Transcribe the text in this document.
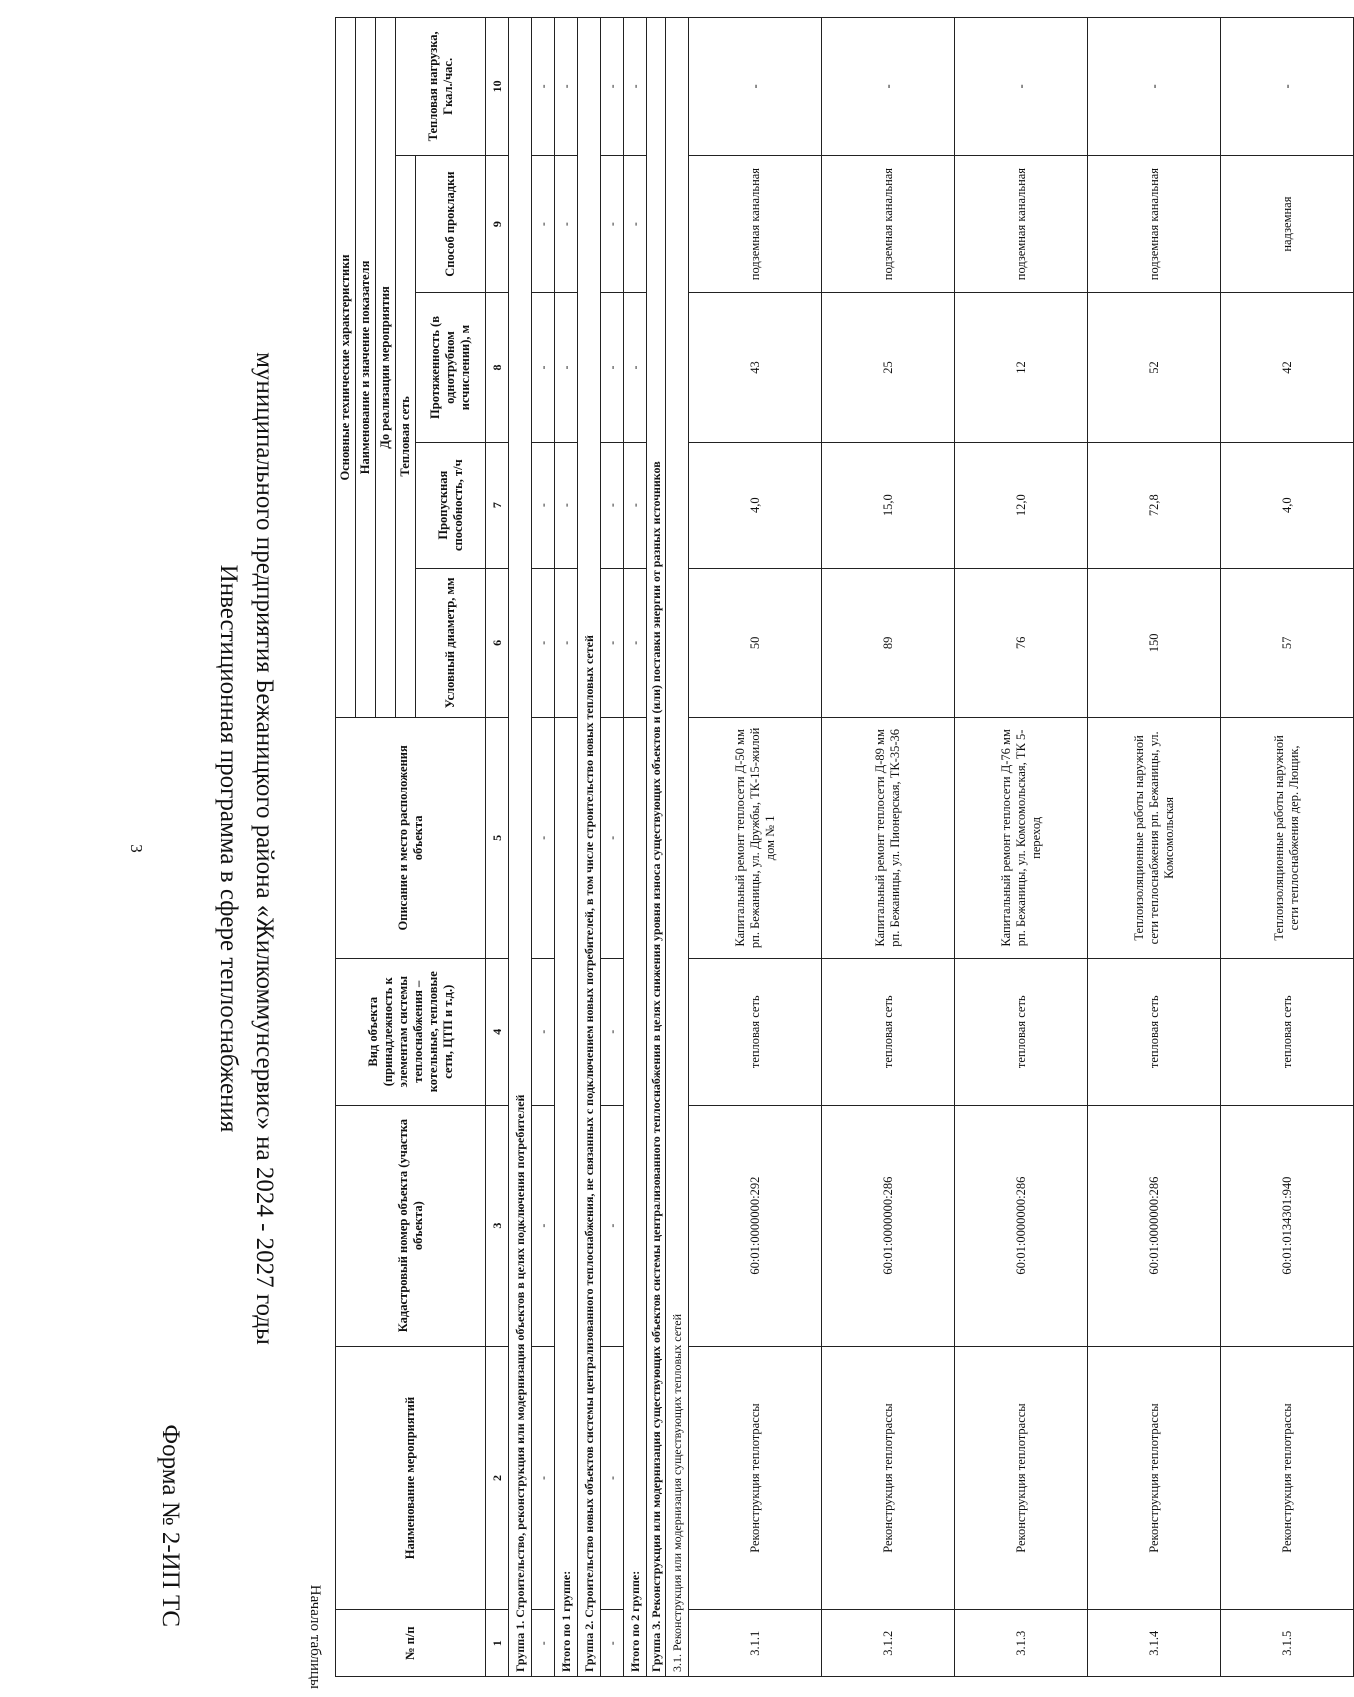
3
Форма № 2-ИП ТС
Инвестиционная программа в сфере теплоснабжения муниципального предприятия Бежаницкого района «Жилкоммунсервис» на 2024 - 2027 годы
Начало таблицы	№ п/п	Наименование мероприятий	Кадастровый номер объекта (участка объекта)	Вид объекта (принадлежность к элементам системы теплоснабжения – котельные, тепловые сети, ЦТП и т.д.)	Описание и место расположения объекта	Основные технические характеристики				
					Наименование и значение показателя				
					До реализации мероприятия				
					Тепловая сеть				Тепловая нагрузка, Гкал./час.
					Условный диаметр, мм	Пропускная способность, т/ч	Протяженность (в однотрубном исчислении), м	Способ прокладки	
1	2	3	4	5	6	7	8	9	10
Группа 1. Строительство, реконструкция или модернизация объектов в целях подключения потребителей									
-	-	-	-	-	-	-	-	-	-
Итого по 1 группе:					-	-	-	-	-
Группа 2. Строительство новых объектов системы централизованного теплоснабжения, не связанных с подключением новых потребителей, в том числе строительство новых тепловых сетей									
-	-	-	-	-	-	-	-	-	-
Итого по 2 группе:					-	-	-	-	-
Группа 3. Реконструкция или модернизация существующих объектов системы централизованного теплоснабжения в целях снижения уровня износа существующих объектов и (или) поставки энергии от разных источников									
3.1. Реконструкция или модернизация существующих тепловых сетей									
3.1.1	Реконструкция теплотрассы	60:01:0000000:292	тепловая сеть	Капитальный ремонт теплосети Д-50 мм рп. Бежаницы, ул. Дружбы, ТК-15-жилой дом № 1	50	4,0	43	подземная канальная	-
3.1.2	Реконструкция теплотрассы	60:01:0000000:286	тепловая сеть	Капитальный ремонт теплосети Д-89 мм рп. Бежаницы, ул. Пионерская, ТК-35-36	89	15,0	25	подземная канальная	-
3.1.3	Реконструкция теплотрассы	60:01:0000000:286	тепловая сеть	Капитальный ремонт теплосети Д-76 мм рп. Бежаницы, ул. Комсомольская, ТК 5- переход	76	12,0	12	подземная канальная	-
3.1.4	Реконструкция теплотрассы	60:01:0000000:286	тепловая сеть	Теплоизоляционные работы наружной сети теплоснабжения рп. Бежаницы, ул. Комсомольская	150	72,8	52	подземная канальная	-
3.1.5	Реконструкция теплотрассы	60:01:0134301:940	тепловая сеть	Теплоизоляционные работы наружной сети теплоснабжения дер. Лющик,	57	4,0	42	надземная	-
